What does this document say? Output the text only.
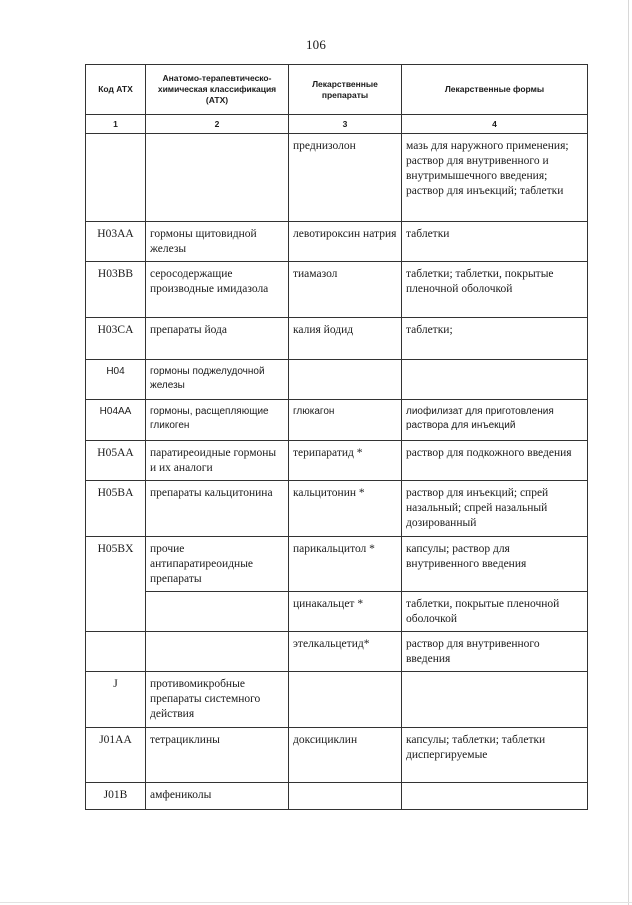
106
Код АТХ	Анатомо-терапевтическо-химическая классификация (АТХ)	Лекарственные препараты	Лекарственные формы
1	2	3	4
		преднизолон	мазь для наружного применения; раствор для внутривенного и внутримышечного введения; раствор для инъекций; таблетки
H03AA	гормоны щитовидной железы	левотироксин натрия	таблетки
H03BB	серосодержащие производные имидазола	тиамазол	таблетки; таблетки, покрытые пленочной оболочкой
H03CA	препараты йода	калия йодид	таблетки;
H04	гормоны поджелудочной железы		
H04AA	гормоны, расщепляющие гликоген	глюкагон	лиофилизат для приготовления раствора для инъекций
H05AA	паратиреоидные гормоны и их аналоги	терипаратид *	раствор для подкожного введения
H05BA	препараты кальцитонина	кальцитонин *	раствор для инъекций; спрей назальный; спрей назальный дозированный
H05BX	прочие антипаратиреоидные препараты	парикальцитол *	капсулы; раствор для внутривенного введения
		цинакальцет *	таблетки, покрытые пленочной оболочкой
		этелкальцетид*	раствор для внутривенного введения
J	противомикробные препараты системного действия		
J01AA	тетрациклины	доксициклин	капсулы; таблетки; таблетки диспергируемые
J01B	амфениколы		
